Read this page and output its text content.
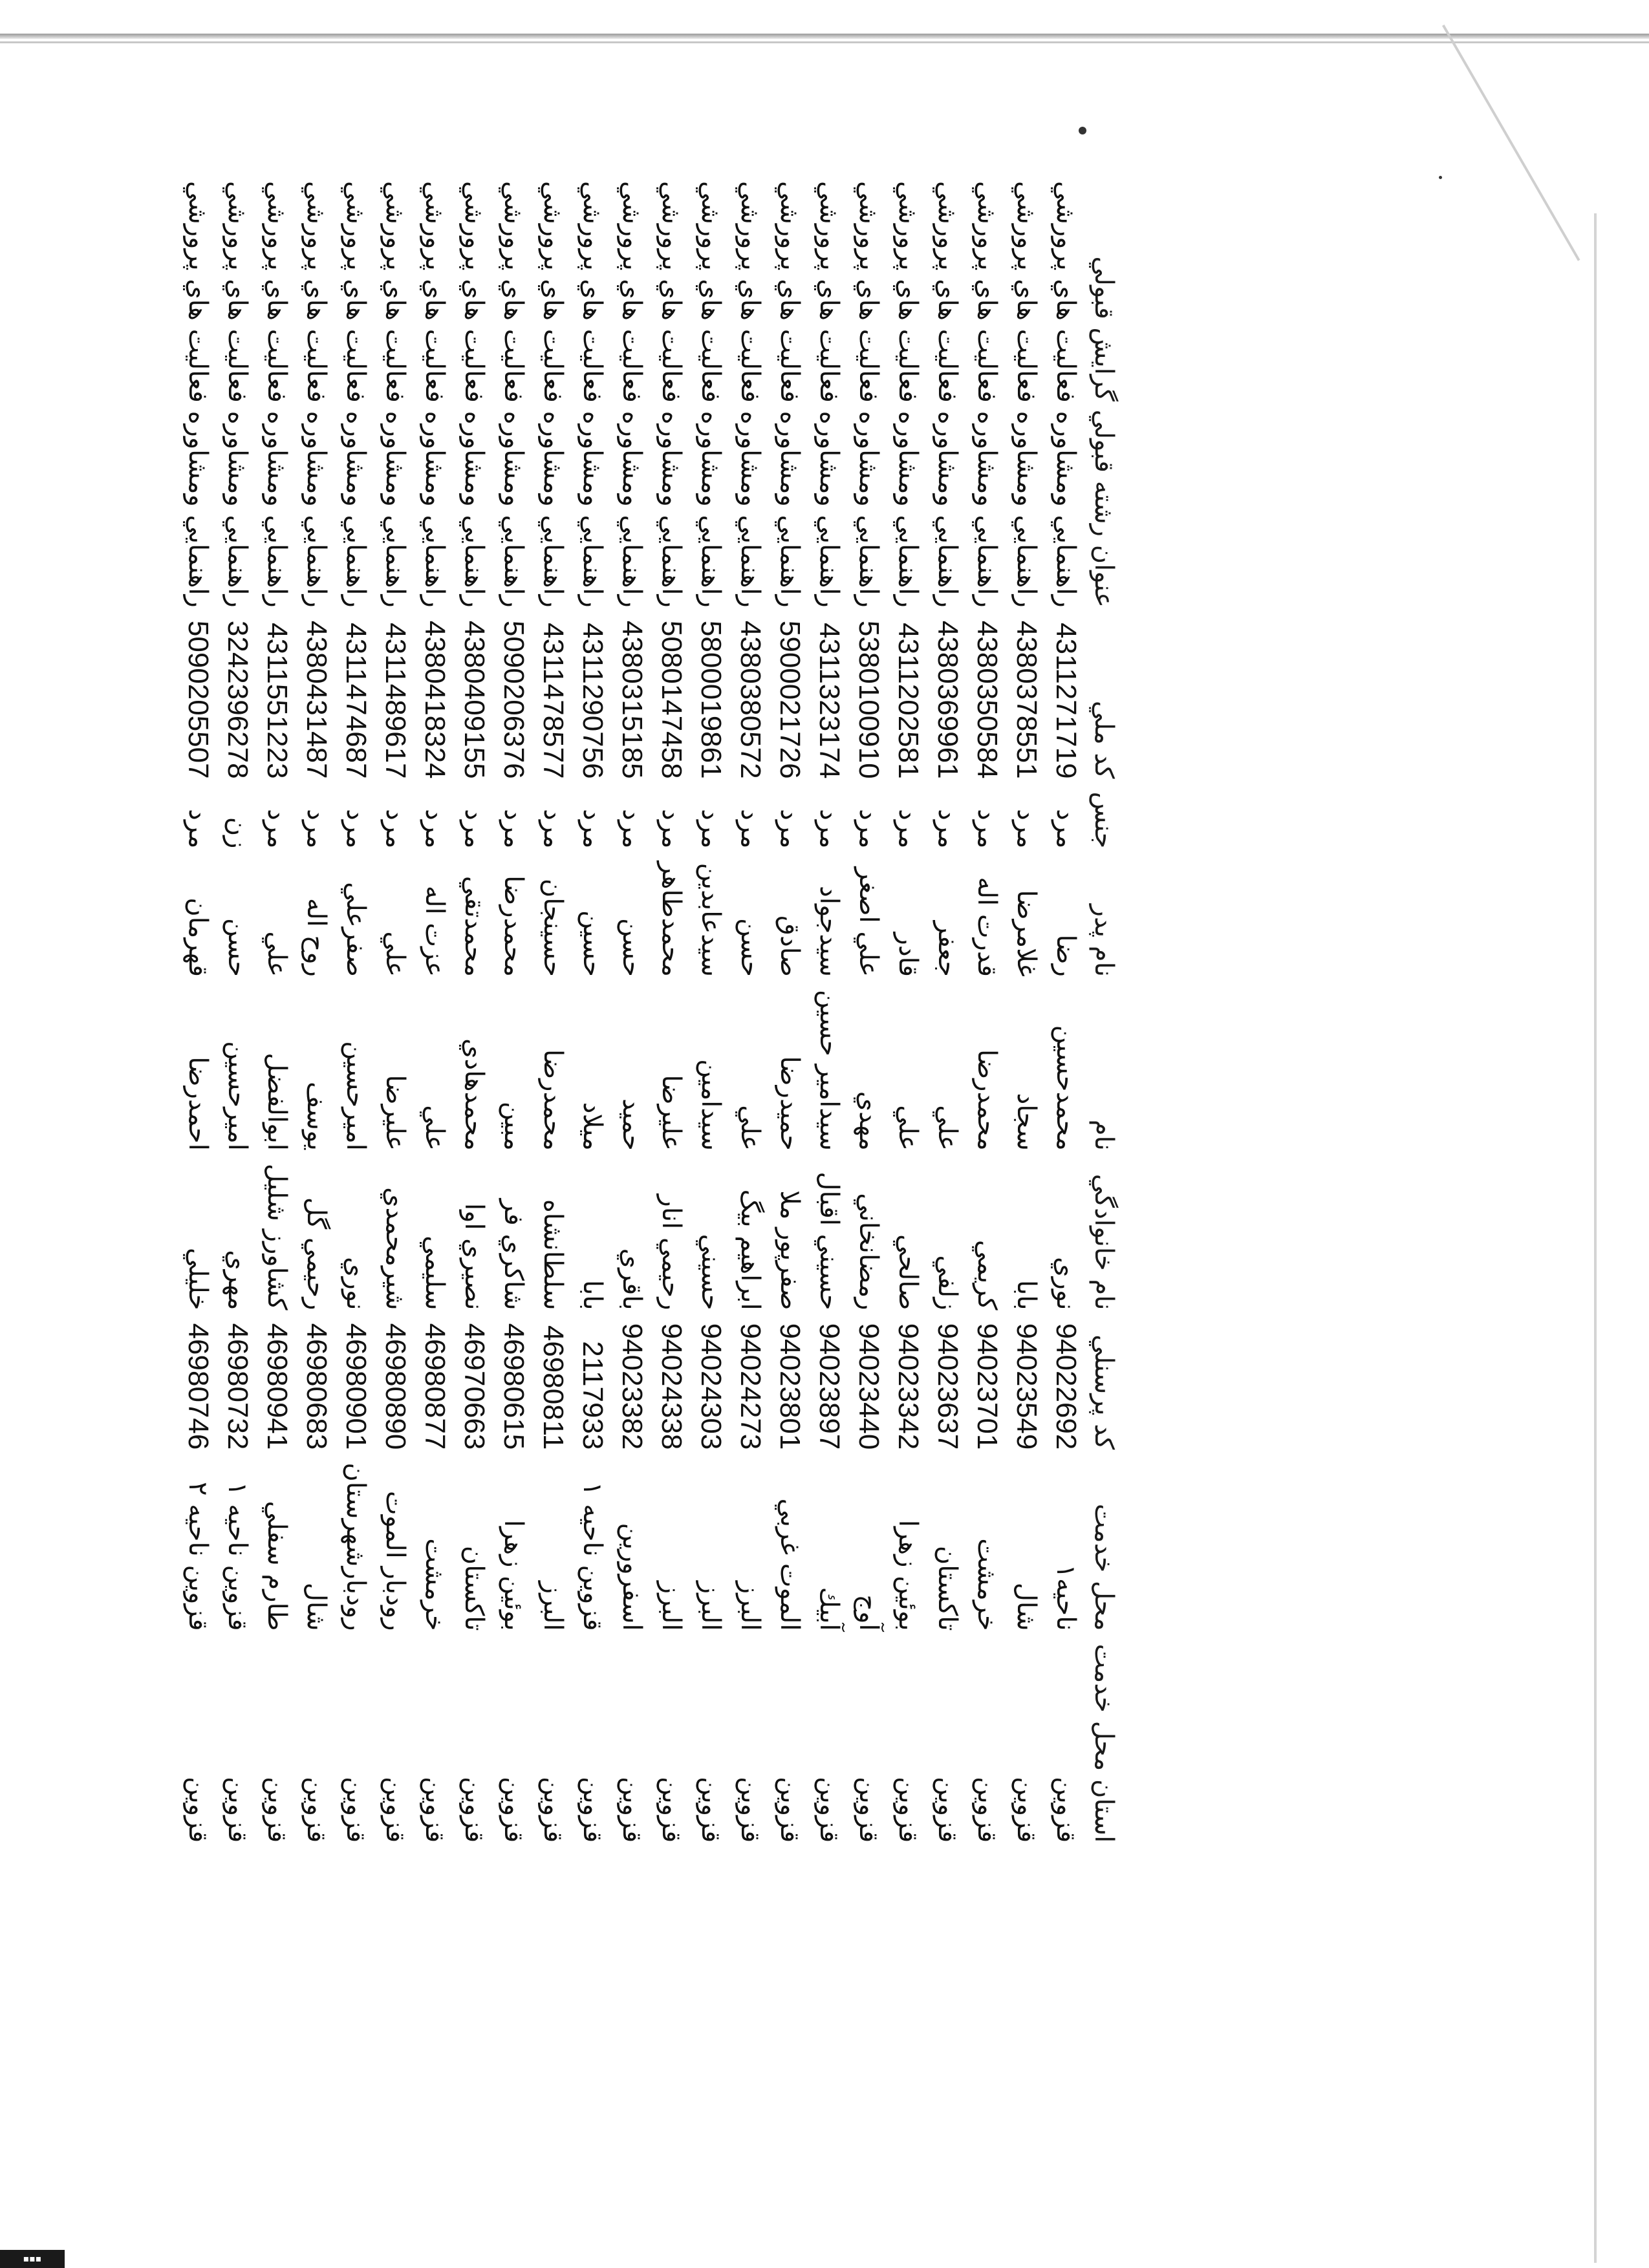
▪▪▪
استان محل خدمت	محل خدمت	كد پرسنلي	نام خانوادگي	نام	نام پدر	جنس	كد ملي	عنوان رشته قبولي گرايش قبولي
قزوين	ناحيه۱	94022692	نوري	محمدحسين	رضا	مرد	4311271719	راهنمايي ومشاوره فعاليت هاي پرورشي
قزوين	شال	94023549	بابا	سجاد	غلامرضا	مرد	4380378551	راهنمايي ومشاوره فعاليت هاي پرورشي
قزوين	خرمشت	94023701	كريمي	محمدرضا	قدرت اله	مرد	4380350584	راهنمايي ومشاوره فعاليت هاي پرورشي
قزوين	تاكستان	94023637	زلفي	علي	جعفر	مرد	4380369961	راهنمايي ومشاوره فعاليت هاي پرورشي
قزوين	بوئين زهرا	94023342	صالحي	علي	قادر	مرد	4311202581	راهنمايي ومشاوره فعاليت هاي پرورشي
قزوين	آوج	94023440	رمضانخاني	مهدي	علي اصغر	مرد	5380100910	راهنمايي ومشاوره فعاليت هاي پرورشي
قزوين	آبيك	94023897	حسيني اقبال	سيدامير حسين	سيدجواد	مرد	4311323174	راهنمايي ومشاوره فعاليت هاي پرورشي
قزوين	الموت غربي	94023801	صفرپور ملا	حميدرضا	صادق	مرد	5900021726	راهنمايي ومشاوره فعاليت هاي پرورشي
قزوين	البرز	94024273	ابراهيم بيگ	علي	حسن	مرد	4380380572	راهنمايي ومشاوره فعاليت هاي پرورشي
قزوين	البرز	94024303	حسيني	سيدامين	سيدعابدين	مرد	5800019861	راهنمايي ومشاوره فعاليت هاي پرورشي
قزوين	البرز	94024338	رحيمي انار	عليرضا	محمدطاهر	مرد	5080147458	راهنمايي ومشاوره فعاليت هاي پرورشي
قزوين	اسفرورين	94023382	باقري	حميد	حسن	مرد	4380315185	راهنمايي ومشاوره فعاليت هاي پرورشي
قزوين	قزوين ناحيه ۱	2117933	بابا	ميلاد	حسين	مرد	4311290756	راهنمايي ومشاوره فعاليت هاي پرورشي
قزوين	البرز	46980811	سلطانشاه	محمدرضا	حسينجان	مرد	4311478577	راهنمايي ومشاوره فعاليت هاي پرورشي
قزوين	بوئين زهرا	46980615	شاكري فر	مبين	محمدرضا	مرد	5090206376	راهنمايي ومشاوره فعاليت هاي پرورشي
قزوين	تاكستان	46970663	نصيري اوا	محمدهادي	محمدتقي	مرد	4380409155	راهنمايي ومشاوره فعاليت هاي پرورشي
قزوين	خرمشت	46980877	سليمي	علي	عزت اله	مرد	4380418324	راهنمايي ومشاوره فعاليت هاي پرورشي
قزوين	رودبار الموت	46980890	شيرمحمدي	عليرضا	علي	مرد	4311489617	راهنمايي ومشاوره فعاليت هاي پرورشي
قزوين	رودبارشهرستان	46980901	نوري	اميرحسين	صفرعلي	مرد	4311474687	راهنمايي ومشاوره فعاليت هاي پرورشي
قزوين	شال	46980683	رحيمي گل	يوسف	روح اله	مرد	4380431487	راهنمايي ومشاوره فعاليت هاي پرورشي
قزوين	طارم سفلي	46980941	كشاورز شليل	ابوالفضل	علي	مرد	4311551223	راهنمايي ومشاوره فعاليت هاي پرورشي
قزوين	قزوين ناحيه ۱	46980732	مهري	اميرحسين	حسن	زن	3242396278	راهنمايي ومشاوره فعاليت هاي پرورشي
قزوين	قزوين ناحيه ۲	46980746	خليلي	احمدرضا	قهرمان	مرد	5090205507	راهنمايي ومشاوره فعاليت هاي پرورشي
